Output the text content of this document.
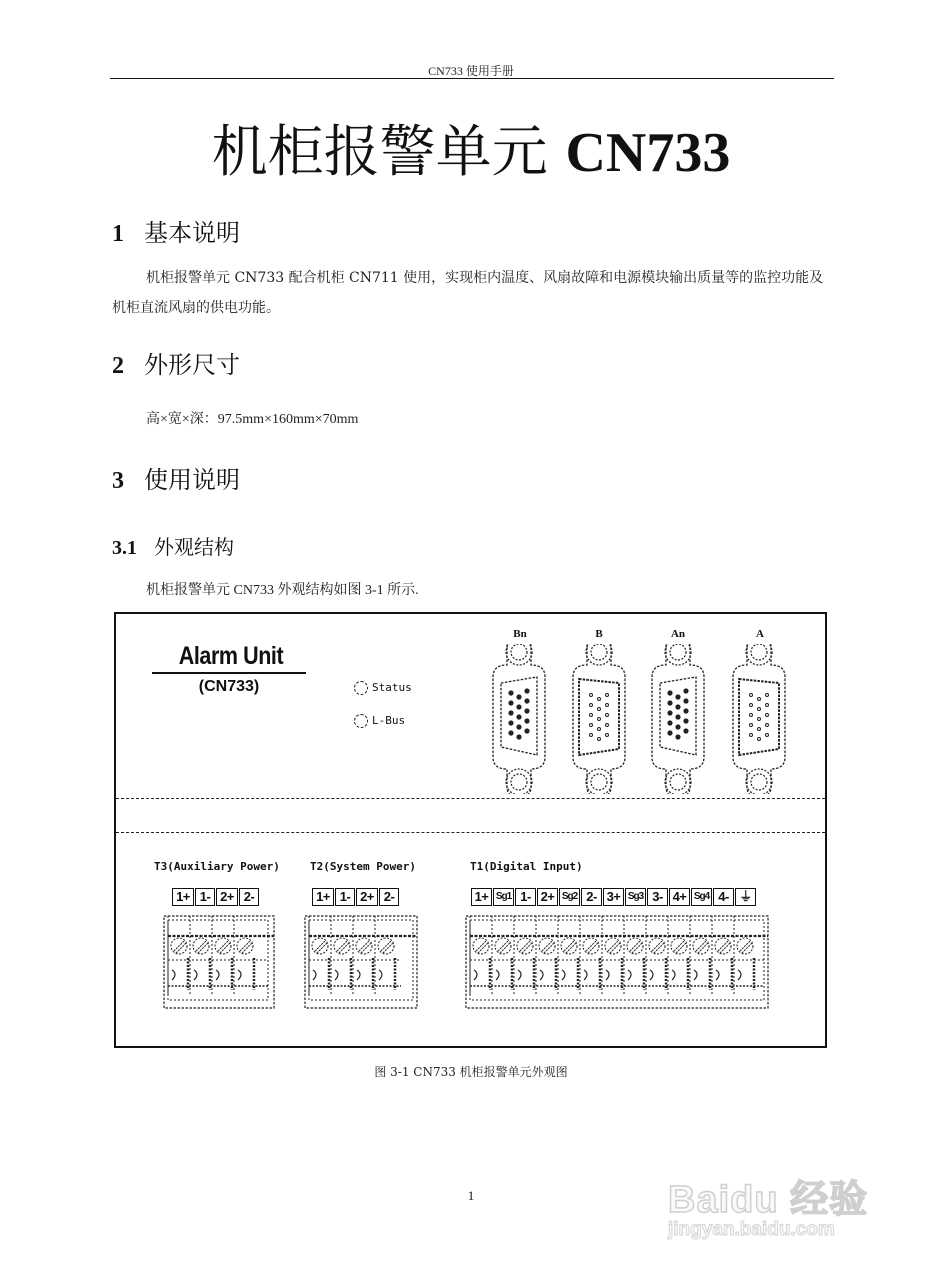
CN733 使用手册
机柜报警单元 CN733
1 基本说明
机柜报警单元 CN733 配合机柜 CN711 使用，实现柜内温度、风扇故障和电源模块输出质量等的监控功能及机柜直流风扇的供电功能。
2 外形尺寸
高×宽×深：97.5mm×160mm×70mm
3 使用说明
3.1 外观结构
机柜报警单元 CN733 外观结构如图 3-1 所示.
Alarm Unit
(CN733)	Status
L-Bus
Bn	B	An	A
T3(Auxiliary Power)	T2(System Power)	T1(Digital Input)
1+ 1- 2+ 2-	1+ 1- 2+ 2-	1+ Sg1 1- 2+ Sg2 2- 3+ Sg3 3- 4+ Sg4 4- ⏚
图 3-1 CN733 机柜报警单元外观图
1	Baidu 经验
jingyan.baidu.com
